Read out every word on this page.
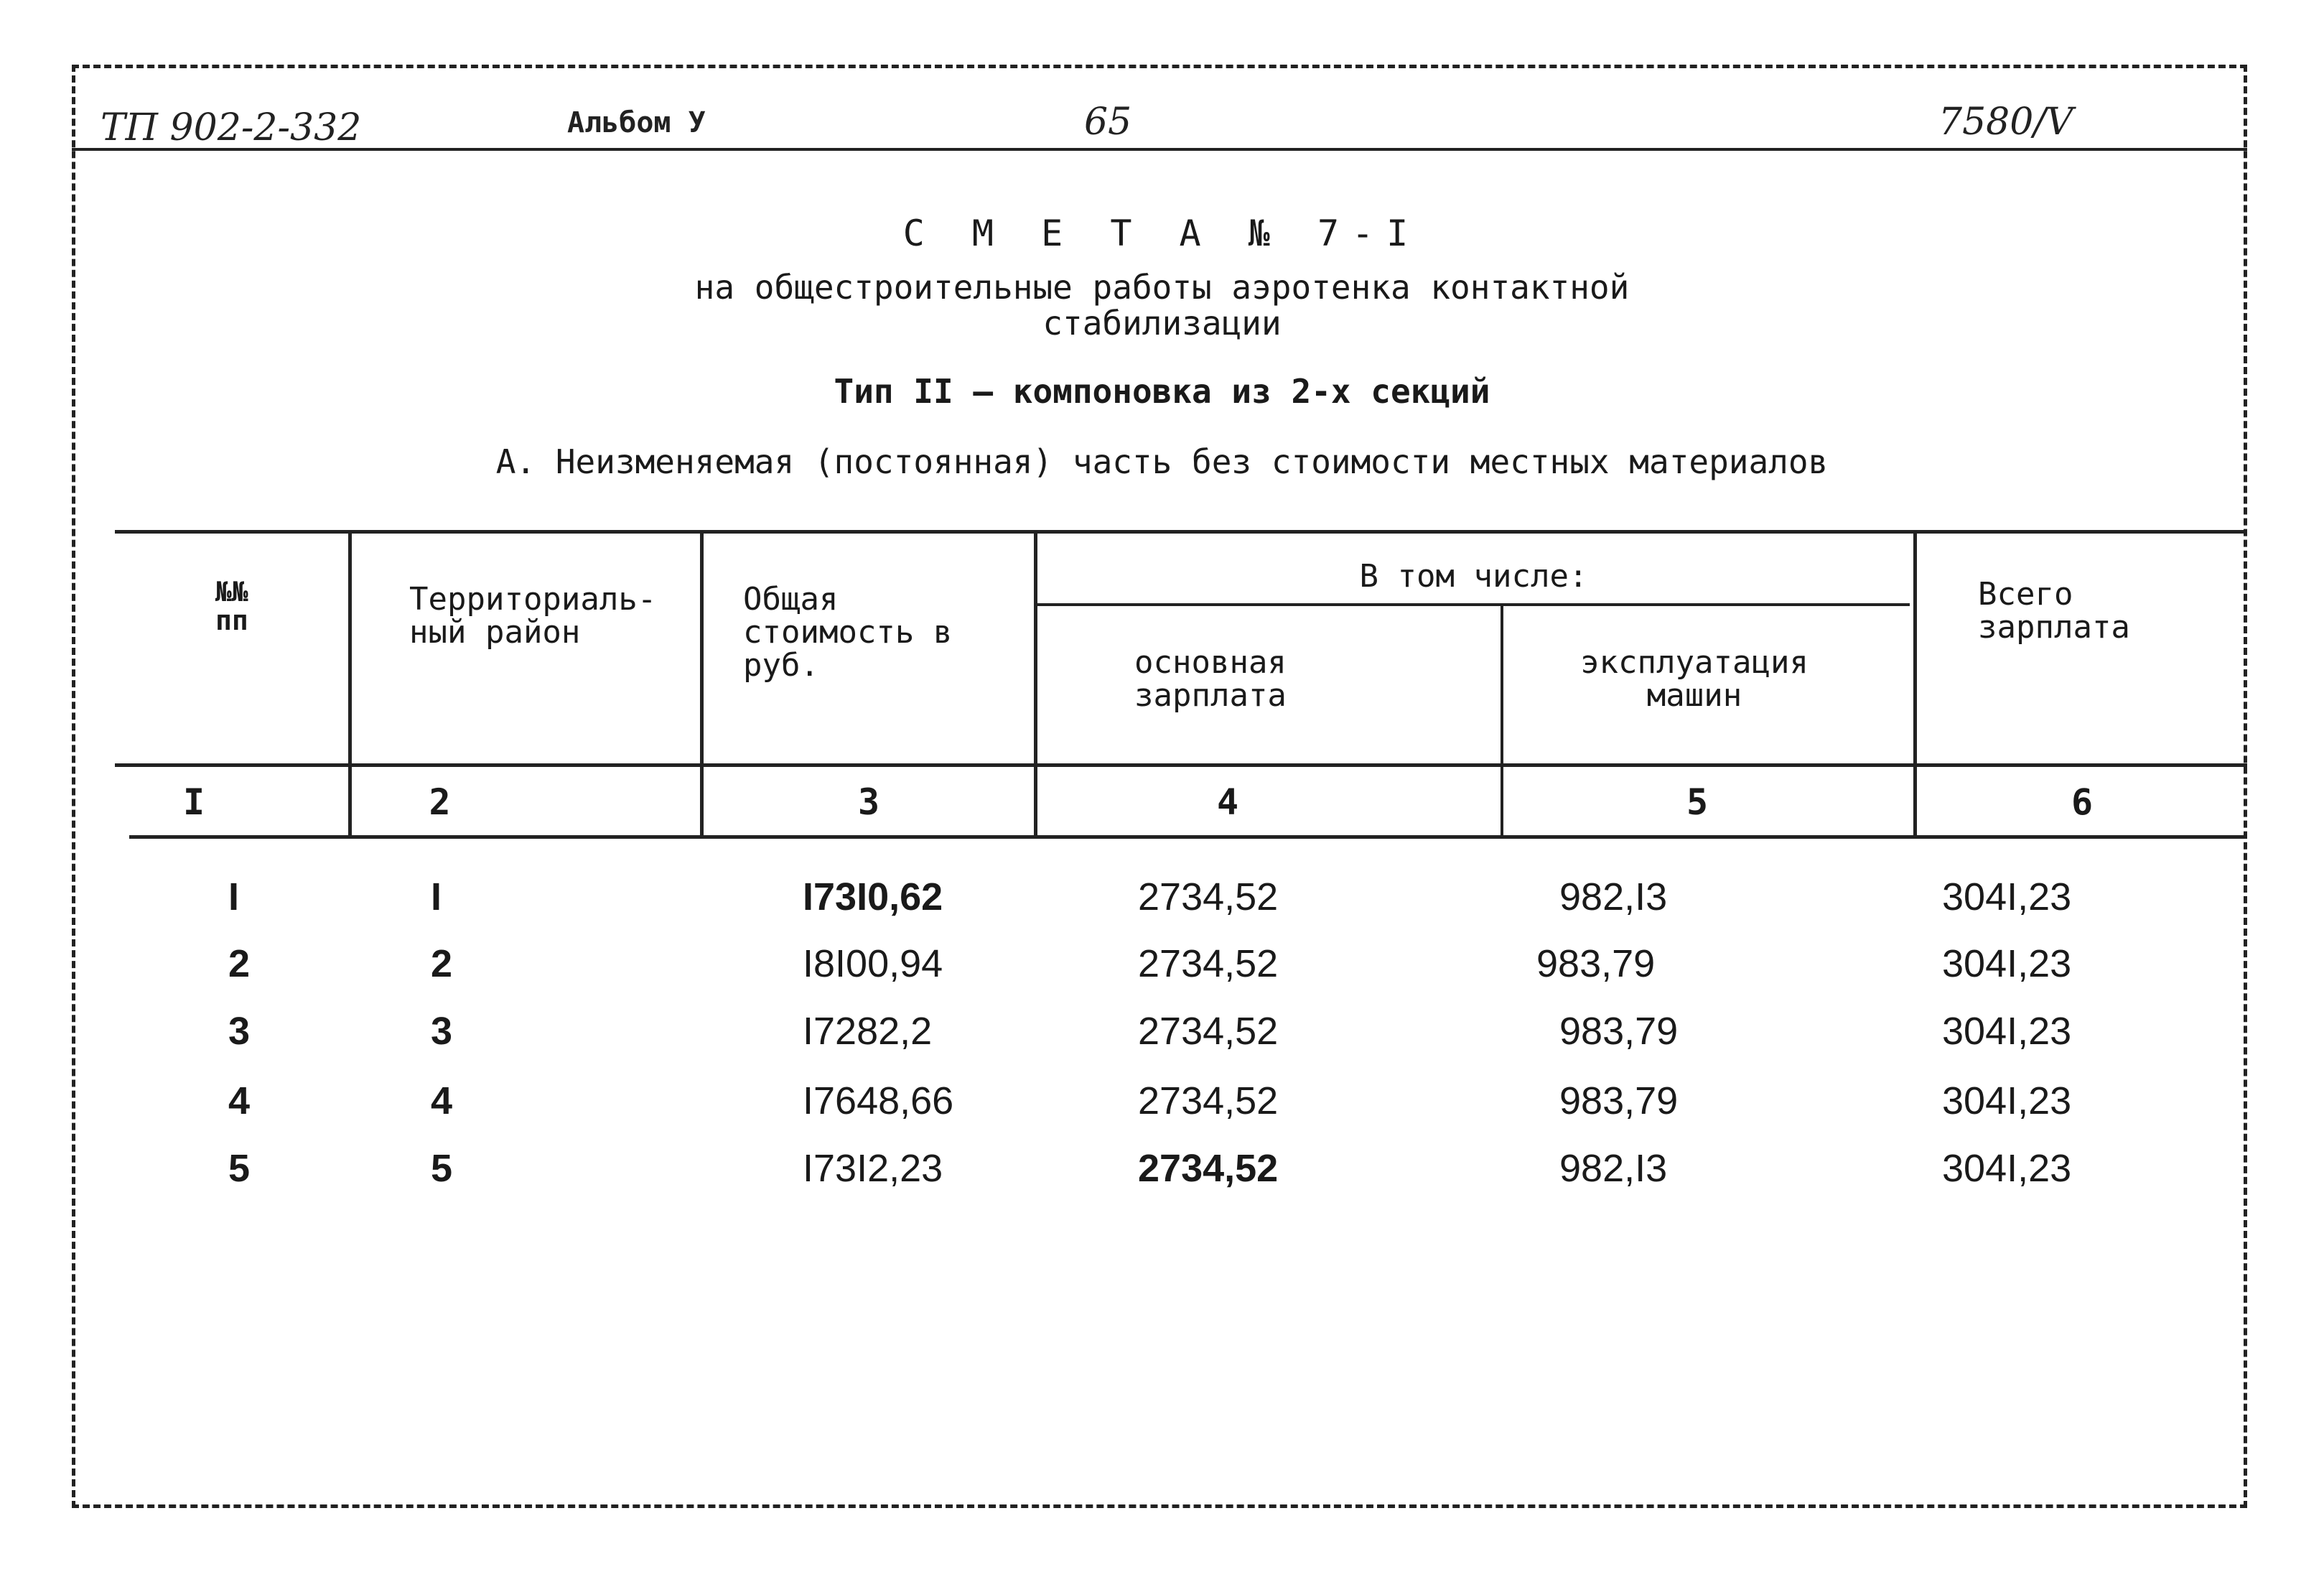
ТП 902-2-332	Альбом У	65	7580/V
С М Е Т А № 7-I
на общестроительные работы аэротенка контактной
стабилизации
Тип II – компоновка из 2-х секций
А. Неизменяемая (постоянная) часть без стоимости местных материалов
№№ пп
Территориаль-ный район
Общая стоимость в руб.
В том числе:
основная зарплата
эксплуатация машин
Всего зарплата
I	2	3	4	5	6
I	I	I73I0,62	2734,52	982,I3	304I,23
2	2	I8I00,94	2734,52	983,79	304I,23
3	3	I7282,2	2734,52	983,79	304I,23
4	4	I7648,66	2734,52	983,79	304I,23
5	5	I73I2,23	2734,52	982,I3	304I,23
